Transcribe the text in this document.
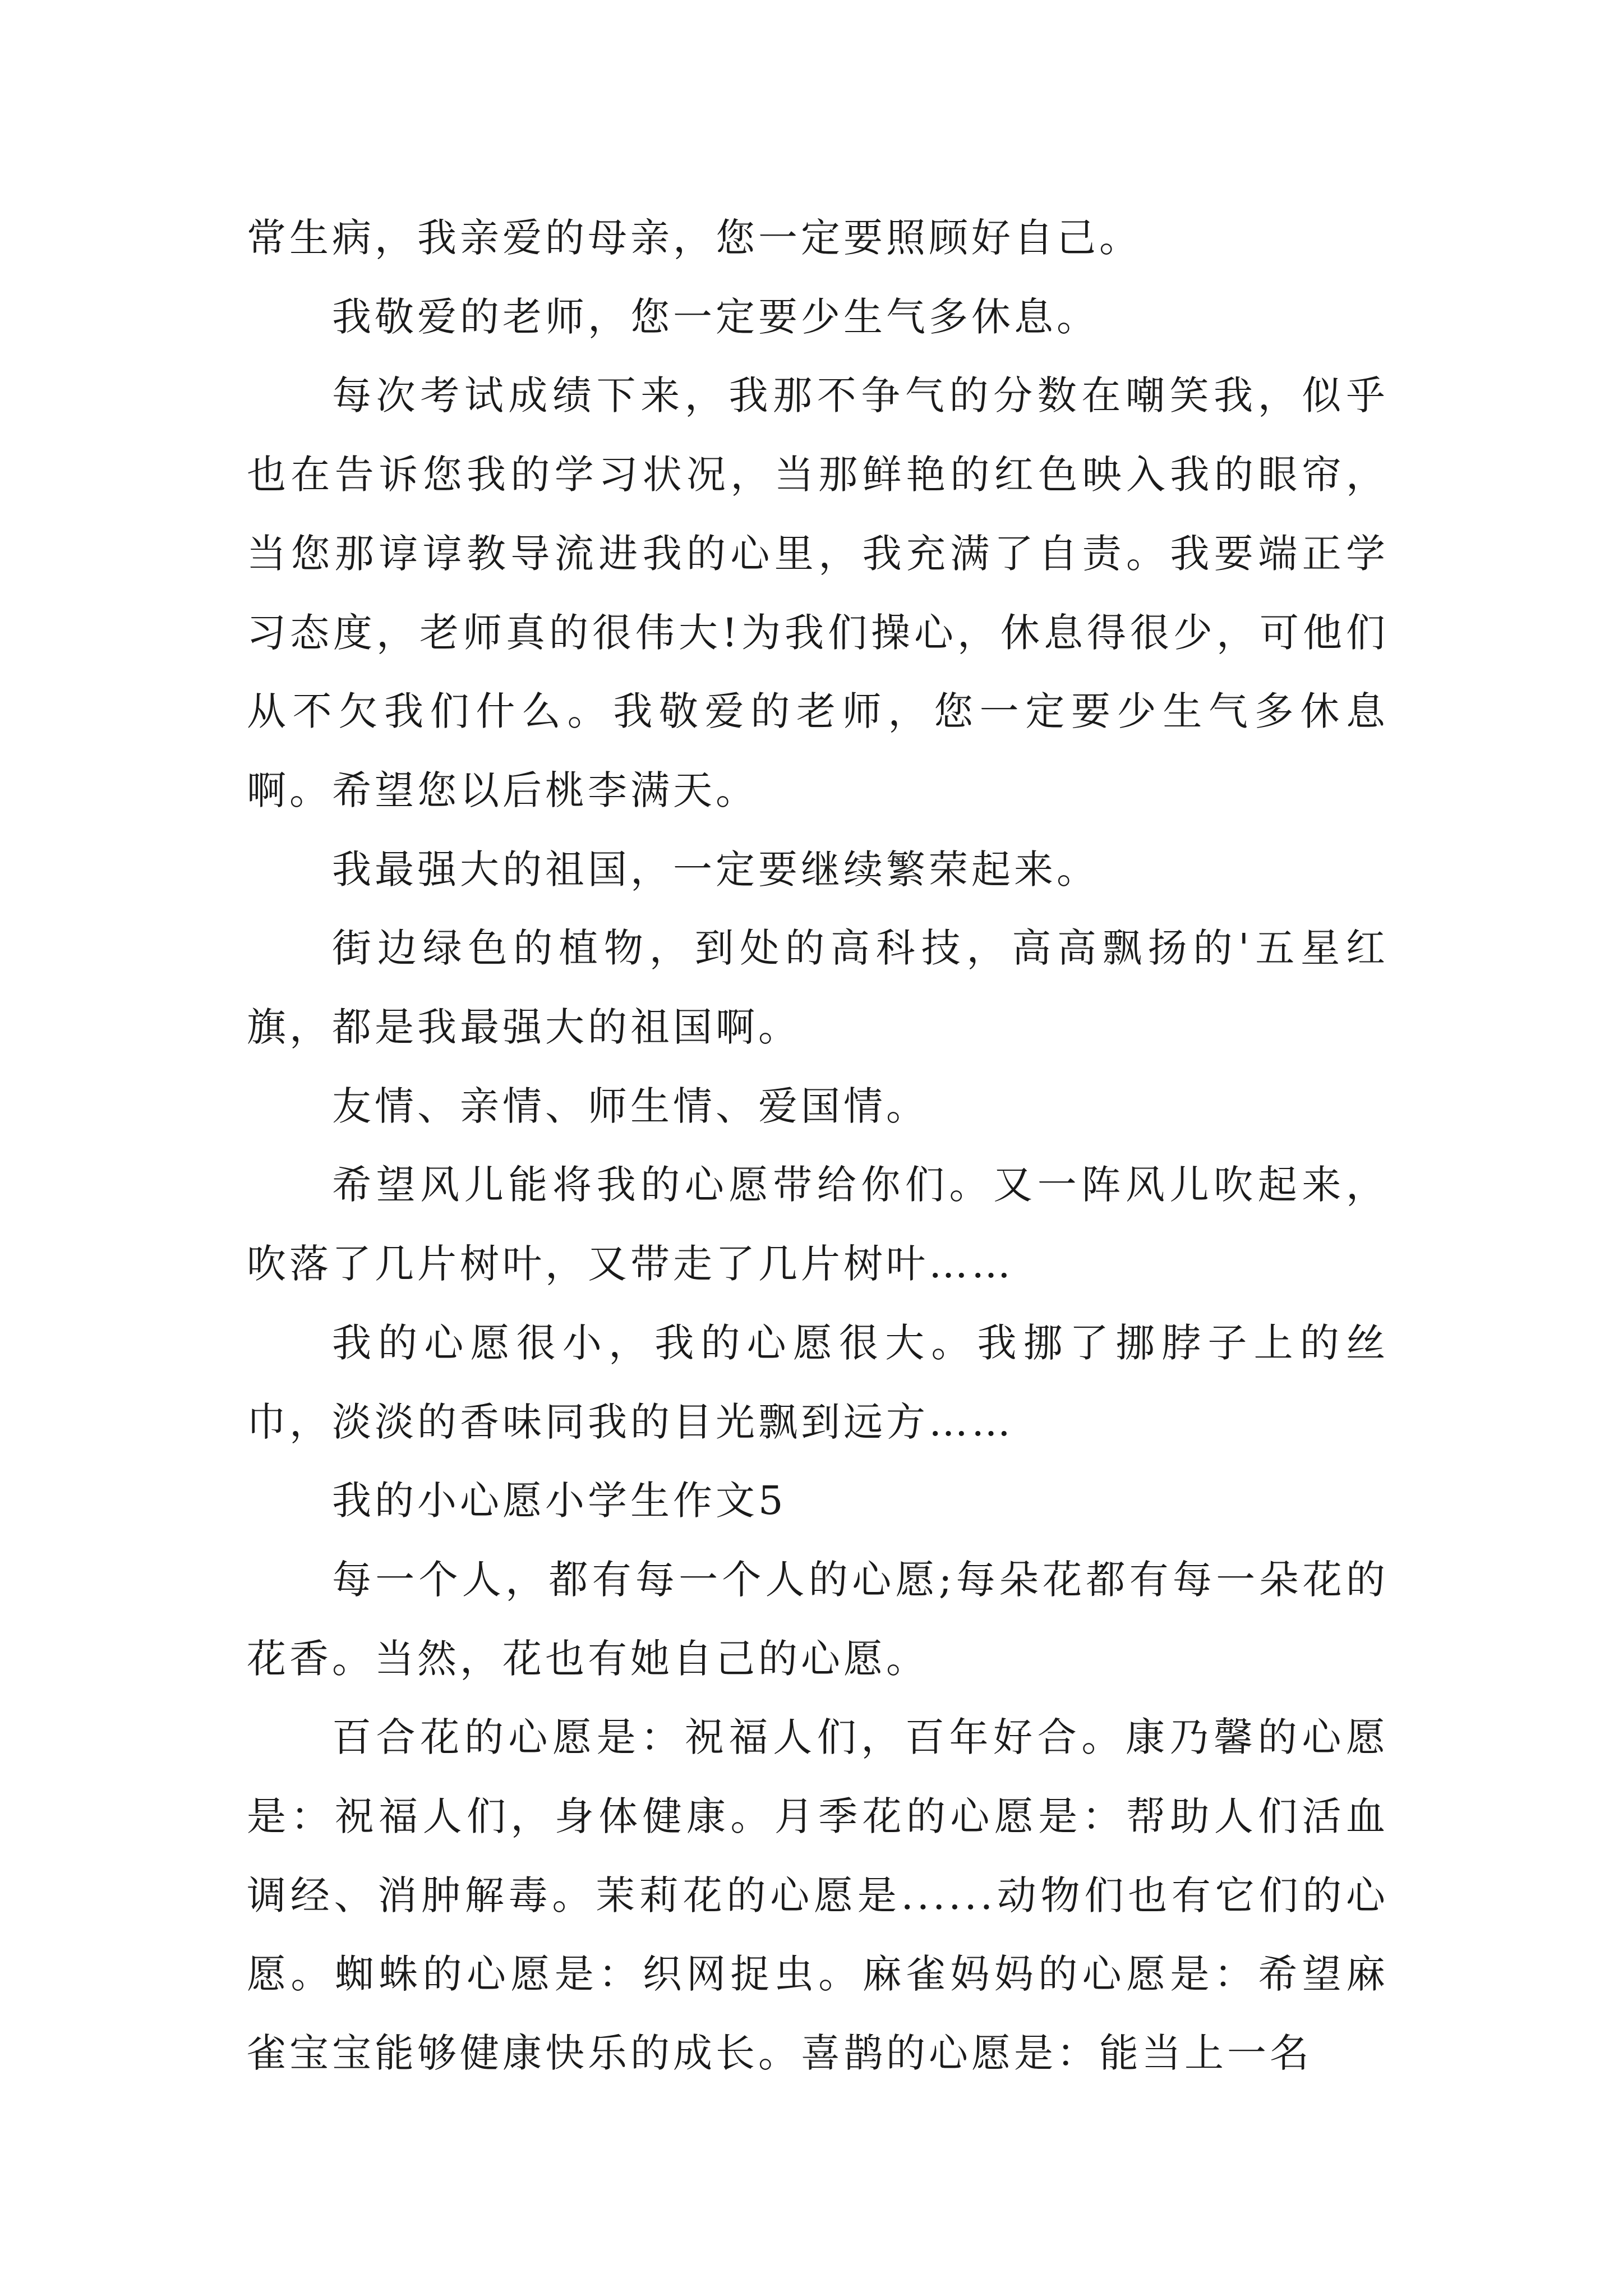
常生病，我亲爱的母亲，您一定要照顾好自己。

我敬爱的老师，您一定要少生气多休息。

每次考试成绩下来，我那不争气的分数在嘲笑我，似乎也在告诉您我的学习状况，当那鲜艳的红色映入我的眼帘，当您那谆谆教导流进我的心里，我充满了自责。我要端正学习态度，老师真的很伟大!为我们操心，休息得很少，可他们从不欠我们什么。我敬爱的老师，您一定要少生气多休息啊。希望您以后桃李满天。

我最强大的祖国，一定要继续繁荣起来。

街边绿色的植物，到处的高科技，高高飘扬的'五星红旗，都是我最强大的祖国啊。

友情、亲情、师生情、爱国情。

希望风儿能将我的心愿带给你们。又一阵风儿吹起来，吹落了几片树叶，又带走了几片树叶……

我的心愿很小，我的心愿很大。我挪了挪脖子上的丝巾，淡淡的香味同我的目光飘到远方……

我的小心愿小学生作文5

每一个人，都有每一个人的心愿;每朵花都有每一朵花的花香。当然，花也有她自己的心愿。

百合花的心愿是：祝福人们，百年好合。康乃馨的心愿是：祝福人们，身体健康。月季花的心愿是：帮助人们活血调经、消肿解毒。茉莉花的心愿是......动物们也有它们的心愿。蜘蛛的心愿是：织网捉虫。麻雀妈妈的心愿是：希望麻雀宝宝能够健康快乐的成长。喜鹊的心愿是：能当上一名
